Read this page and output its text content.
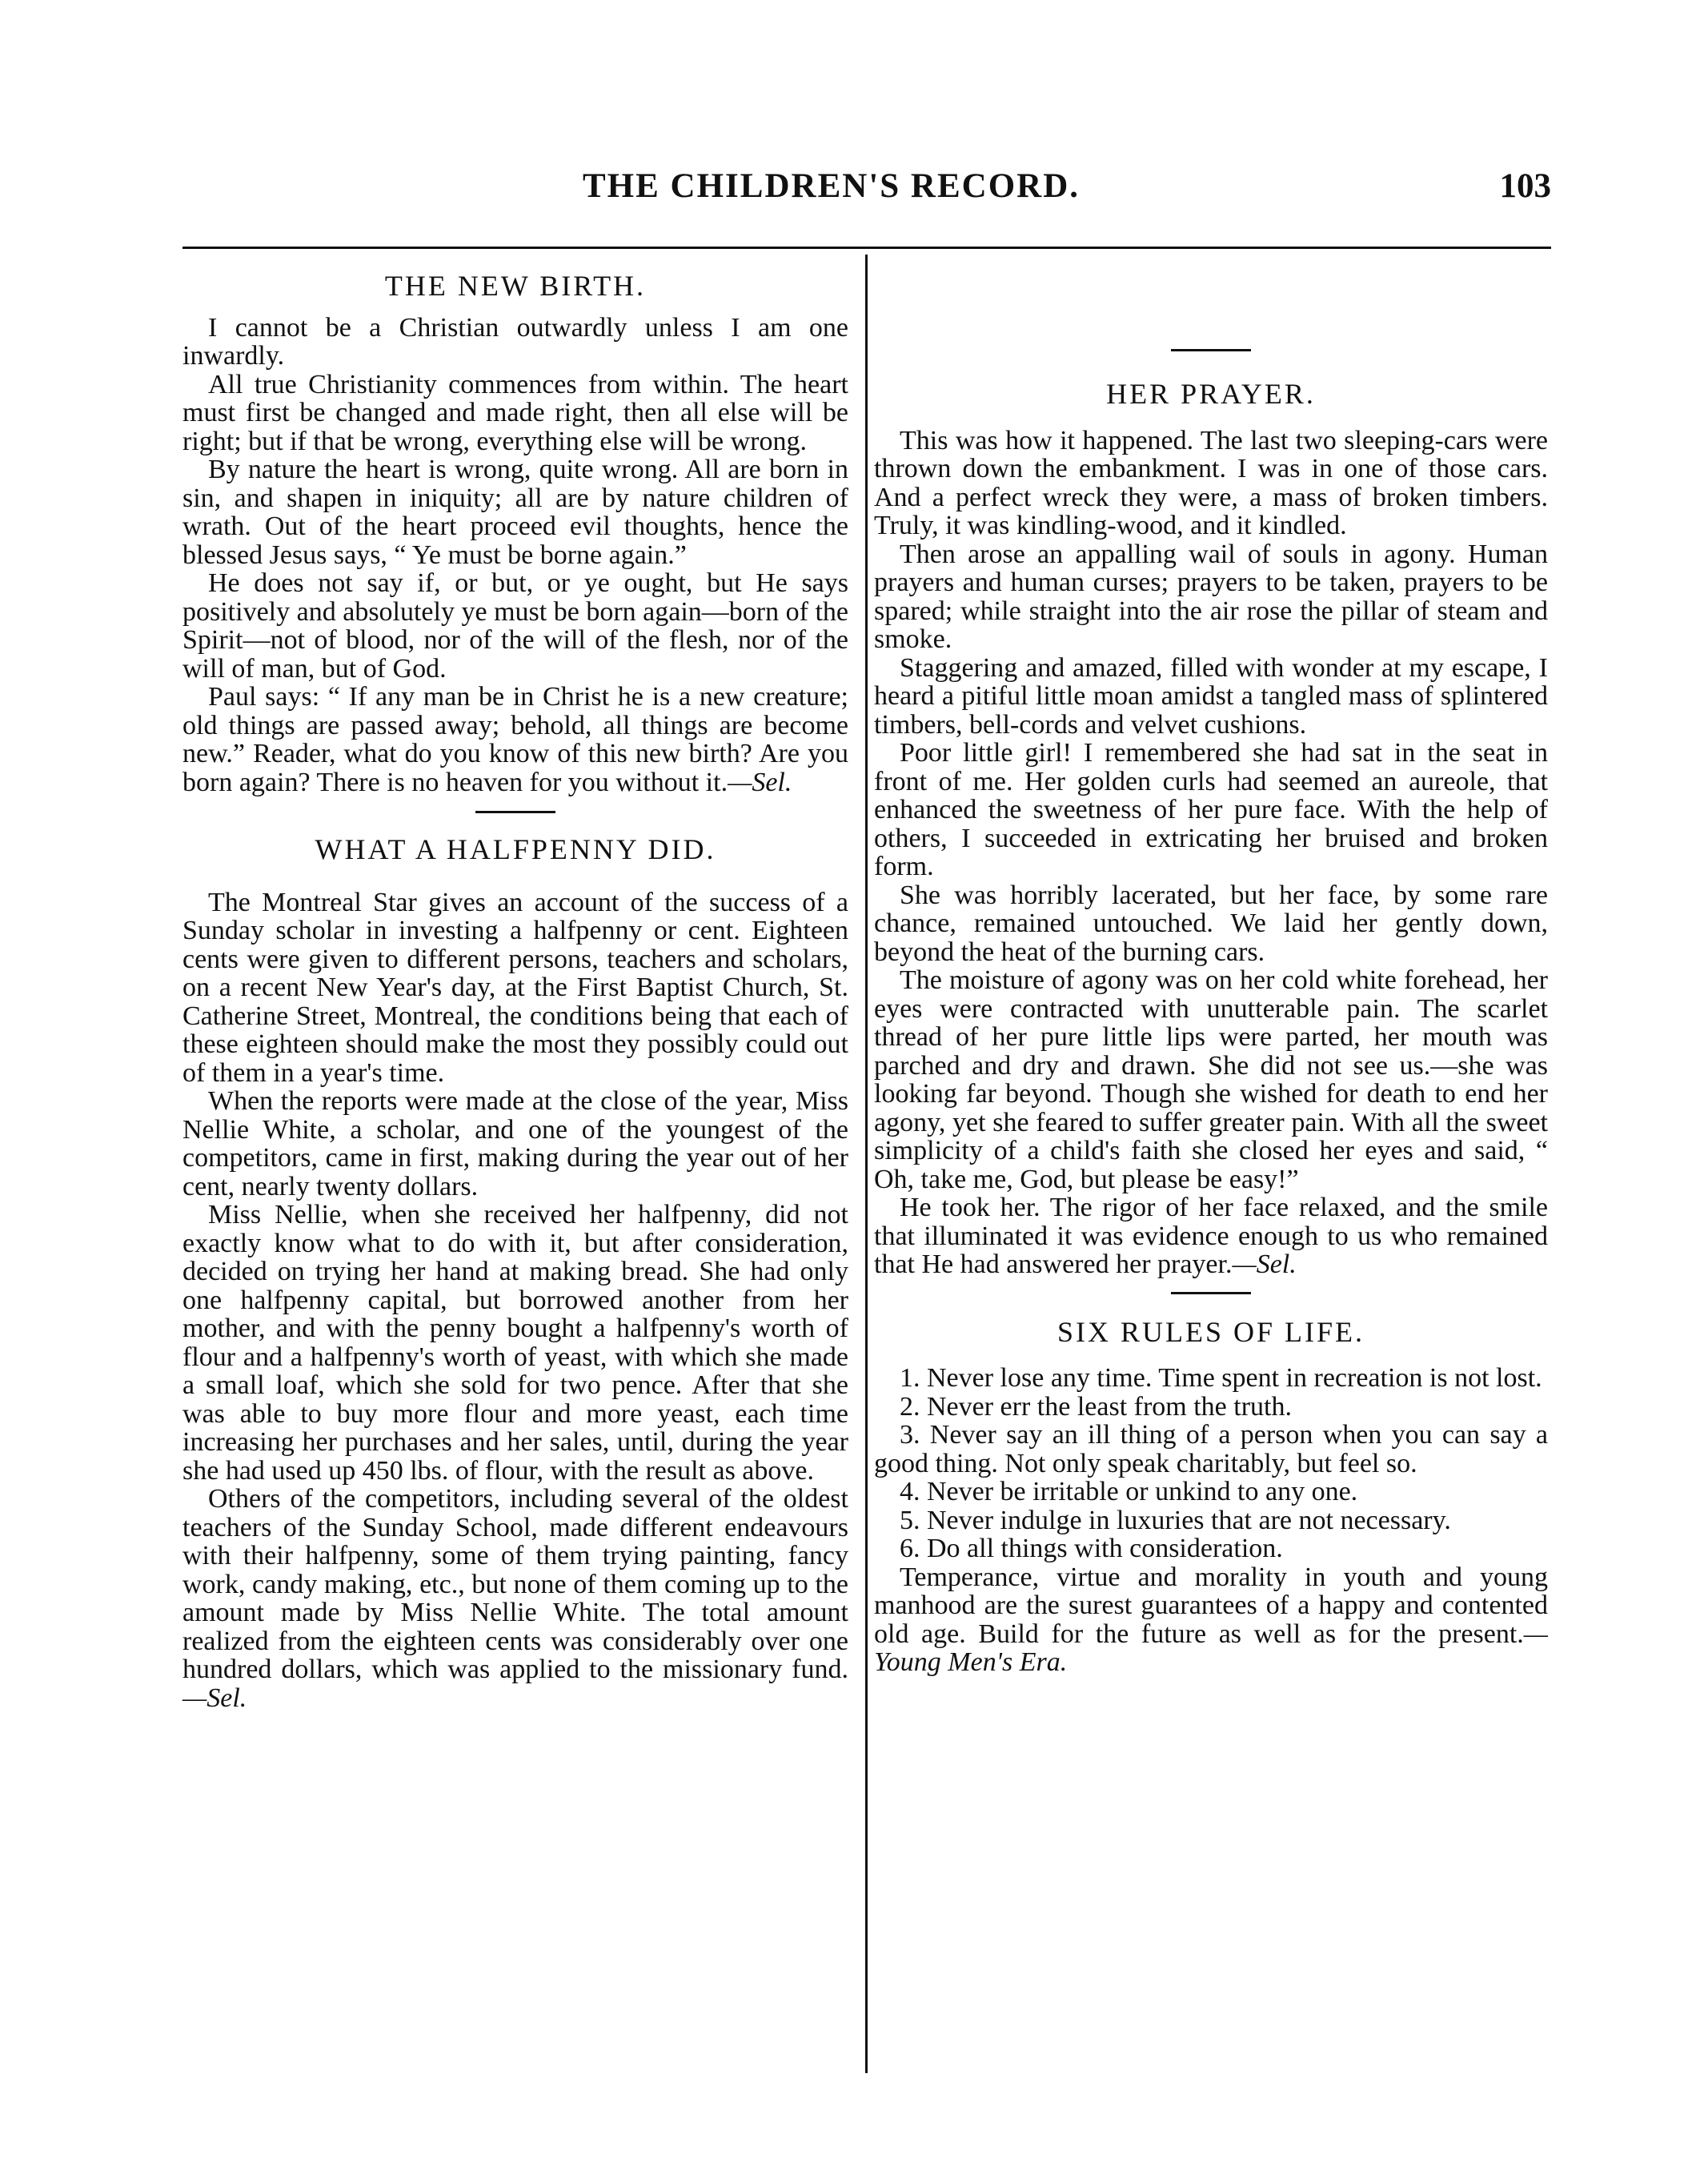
THE CHILDREN'S RECORD.	103
THE NEW BIRTH.

I cannot be a Christian outwardly unless I am one inwardly.

All true Christianity commences from within. The heart must first be changed and made right, then all else will be right; but if that be wrong, everything else will be wrong.

By nature the heart is wrong, quite wrong. All are born in sin, and shapen in iniquity; all are by nature children of wrath. Out of the heart proceed evil thoughts, hence the blessed Jesus says, “ Ye must be borne again.”

He does not say if, or but, or ye ought, but He says positively and absolutely ye must be born again—born of the Spirit—not of blood, nor of the will of the flesh, nor of the will of man, but of God.

Paul says: “ If any man be in Christ he is a new creature; old things are passed away; behold, all things are become new.” Reader, what do you know of this new birth? Are you born again? There is no heaven for you without it.—Sel.

WHAT A HALFPENNY DID.

The Montreal Star gives an account of the success of a Sunday scholar in investing a halfpenny or cent. Eighteen cents were given to different persons, teachers and scholars, on a recent New Year's day, at the First Baptist Church, St. Catherine Street, Montreal, the conditions being that each of these eighteen should make the most they possibly could out of them in a year's time.

When the reports were made at the close of the year, Miss Nellie White, a scholar, and one of the youngest of the competitors, came in first, making during the year out of her cent, nearly twenty dollars.

Miss Nellie, when she received her halfpenny, did not exactly know what to do with it, but after consideration, decided on trying her hand at making bread. She had only one halfpenny capital, but borrowed another from her mother, and with the penny bought a halfpenny's worth of flour and a halfpenny's worth of yeast, with which she made a small loaf, which she sold for two pence. After that she was able to buy more flour and more yeast, each time increasing her purchases and her sales, until, during the year she had used up 450 lbs. of flour, with the result as above.

Others of the competitors, including several of the oldest teachers of the Sunday School, made different endeavours with their halfpenny, some of them trying painting, fancy work, candy making, etc., but none of them coming up to the amount made by Miss Nellie White. The total amount realized from the eighteen cents was considerably over one hundred dollars, which was applied to the missionary fund.—Sel.

HER PRAYER.

This was how it happened. The last two sleeping-cars were thrown down the embankment. I was in one of those cars. And a perfect wreck they were, a mass of broken timbers. Truly, it was kindling-wood, and it kindled.

Then arose an appalling wail of souls in agony. Human prayers and human curses; prayers to be taken, prayers to be spared; while straight into the air rose the pillar of steam and smoke.

Staggering and amazed, filled with wonder at my escape, I heard a pitiful little moan amidst a tangled mass of splintered timbers, bell-cords and velvet cushions.

Poor little girl! I remembered she had sat in the seat in front of me. Her golden curls had seemed an aureole, that enhanced the sweetness of her pure face. With the help of others, I succeeded in extricating her bruised and broken form.

She was horribly lacerated, but her face, by some rare chance, remained untouched. We laid her gently down, beyond the heat of the burning cars.

The moisture of agony was on her cold white forehead, her eyes were contracted with unutterable pain. The scarlet thread of her pure little lips were parted, her mouth was parched and dry and drawn. She did not see us.—she was looking far beyond. Though she wished for death to end her agony, yet she feared to suffer greater pain. With all the sweet simplicity of a child's faith she closed her eyes and said, “ Oh, take me, God, but please be easy!”

He took her. The rigor of her face relaxed, and the smile that illuminated it was evidence enough to us who remained that He had answered her prayer.—Sel.

SIX RULES OF LIFE.
1. Never lose any time. Time spent in recreation is not lost.
2. Never err the least from the truth.
3. Never say an ill thing of a person when you can say a good thing. Not only speak charitably, but feel so.
4. Never be irritable or unkind to any one.
5. Never indulge in luxuries that are not necessary.
6. Do all things with consideration.

Temperance, virtue and morality in youth and young manhood are the surest guarantees of a happy and contented old age. Build for the future as well as for the present.—Young Men's Era.
